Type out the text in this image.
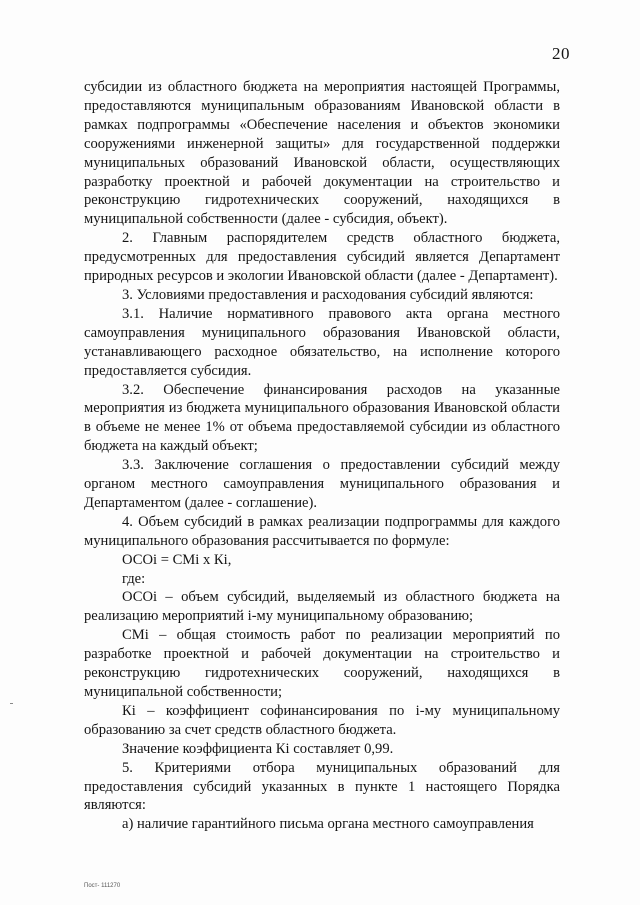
20

субсидии из областного бюджета на мероприятия настоящей Программы, предоставляются муниципальным образованиям Ивановской области в рамках подпрограммы «Обеспечение населения и объектов экономики сооружениями инженерной защиты» для государственной поддержки муниципальных образований Ивановской области, осуществляющих разработку проектной и рабочей документации на строительство и реконструкцию гидротехнических сооружений, находящихся в муниципальной собственности (далее - субсидия, объект).

2. Главным распорядителем средств областного бюджета, предусмотренных для предоставления субсидий является Департамент природных ресурсов и экологии Ивановской области (далее - Департамент).

3. Условиями предоставления и расходования субсидий являются:

3.1. Наличие нормативного правового акта органа местного самоуправления муниципального образования Ивановской области, устанавливающего расходное обязательство, на исполнение которого предоставляется субсидия.

3.2. Обеспечение финансирования расходов на указанные мероприятия из бюджета муниципального образования Ивановской области в объеме не менее 1% от объема предоставляемой субсидии из областного бюджета на каждый объект;

3.3. Заключение соглашения о предоставлении субсидий между органом местного самоуправления муниципального образования и Департаментом (далее - соглашение).

4. Объем субсидий в рамках реализации подпрограммы для каждого муниципального образования рассчитывается по формуле:

ОСОi = СМi х Кi,

где:

ОСОi – объем субсидий, выделяемый из областного бюджета на реализацию мероприятий i-му муниципальному образованию;

СМi – общая стоимость работ по реализации мероприятий по разработке проектной и рабочей документации на строительство и реконструкцию гидротехнических сооружений, находящихся в муниципальной собственности;

Кi – коэффициент софинансирования по i-му муниципальному образованию за счет средств областного бюджета.

Значение коэффициента Кi составляет 0,99.

5. Критериями отбора муниципальных образований для предоставления субсидий указанных в пункте 1 настоящего Порядка являются:

а) наличие гарантийного письма органа местного самоуправления

Пост- 111270
